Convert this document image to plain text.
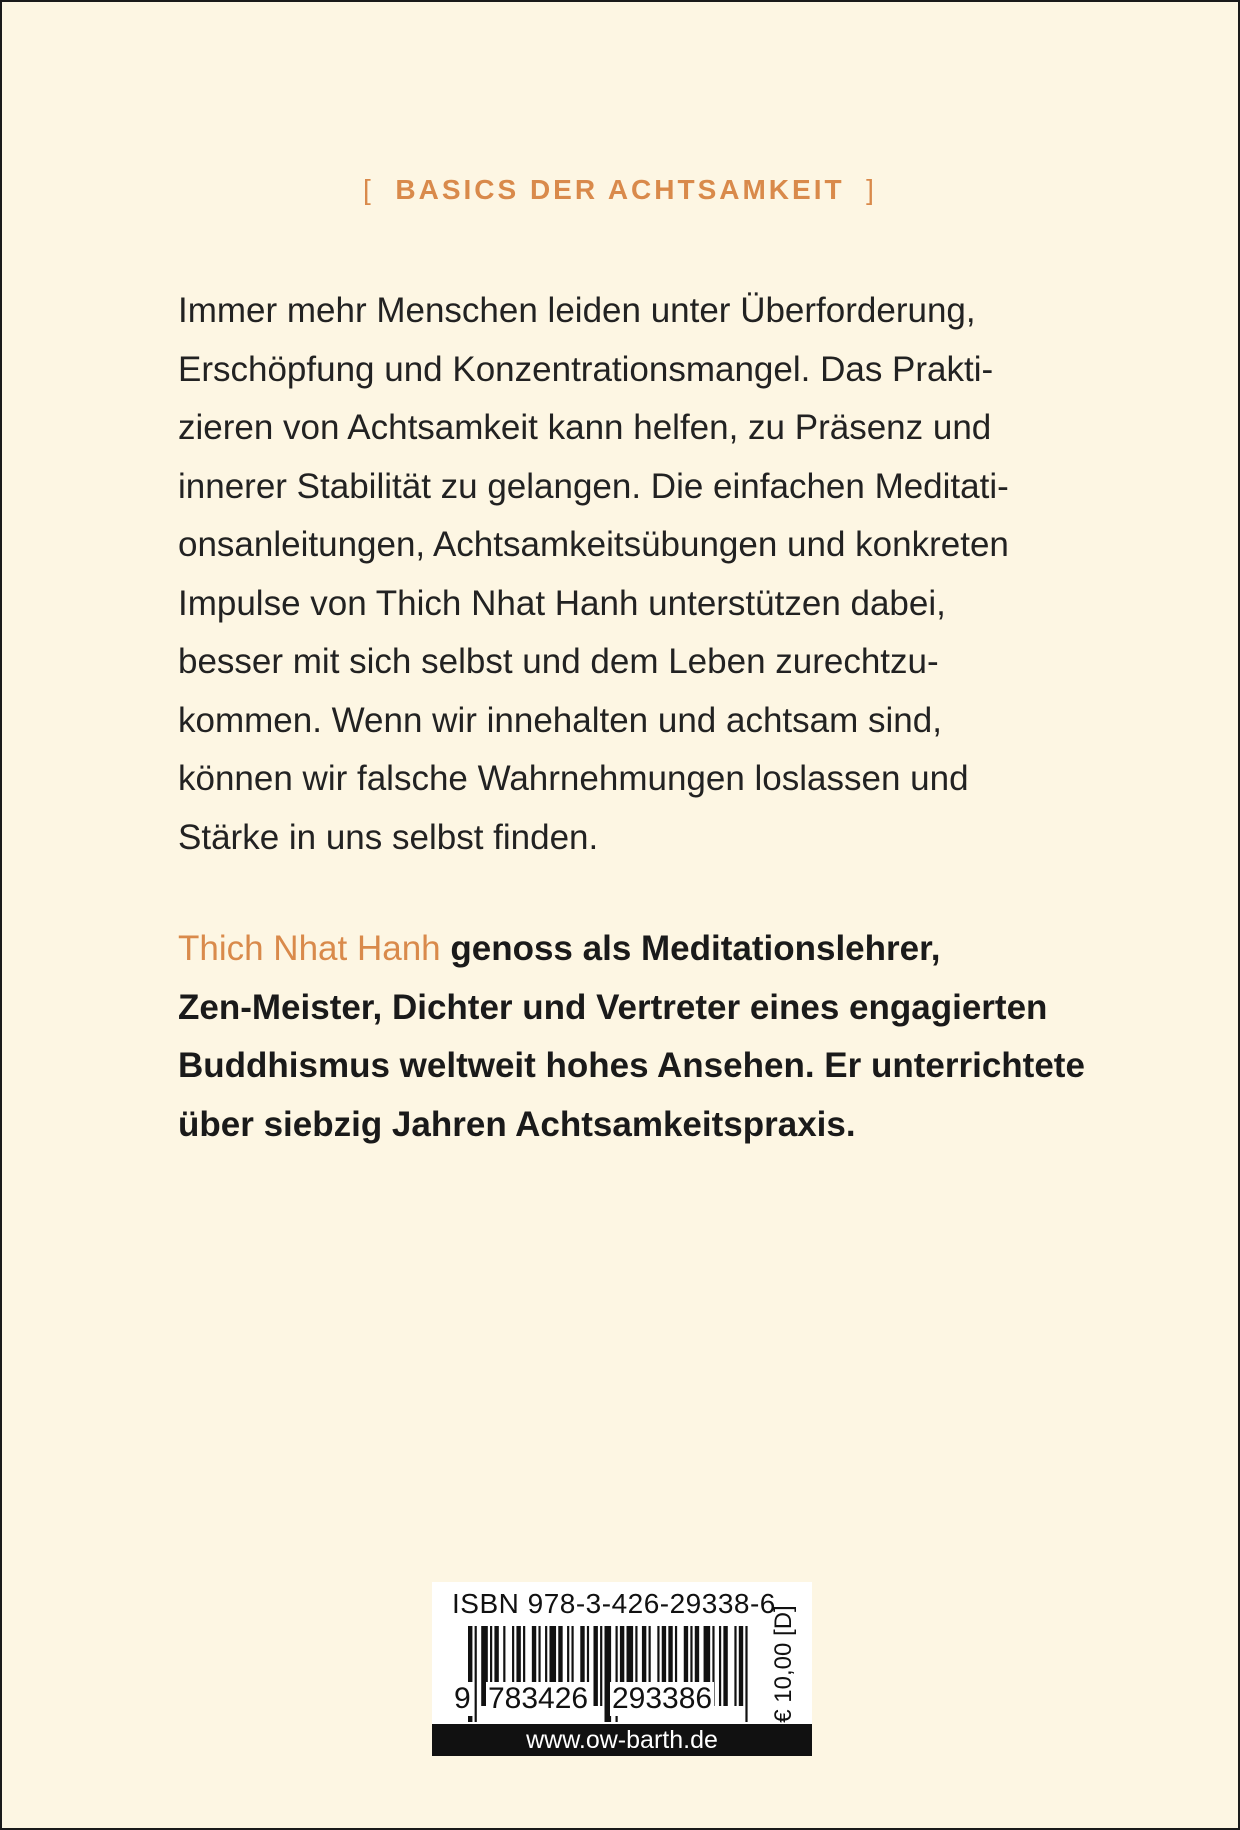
[ BASICS DER ACHTSAMKEIT ]

Immer mehr Menschen leiden unter Überforderung,
Erschöpfung und Konzentrationsmangel. Das Prakti-
zieren von Achtsamkeit kann helfen, zu Präsenz und
innerer Stabilität zu gelangen. Die einfachen Meditati-
onsanleitungen, Achtsamkeitsübungen und konkreten
Impulse von Thich Nhat Hanh unterstützen dabei,
besser mit sich selbst und dem Leben zurechtzu-
kommen. Wenn wir innehalten und achtsam sind,
können wir falsche Wahrnehmungen loslassen und
Stärke in uns selbst finden.

Thich Nhat Hanh genoss als Meditationslehrer,
Zen-Meister, Dichter und Vertreter eines engagierten
Buddhismus weltweit hohes Ansehen. Er unterrichtete
über siebzig Jahren Achtsamkeitspraxis.

ISBN 978-3-426-29338-6
9 783426 293386 € 10,00 [D]
www.ow-barth.de
